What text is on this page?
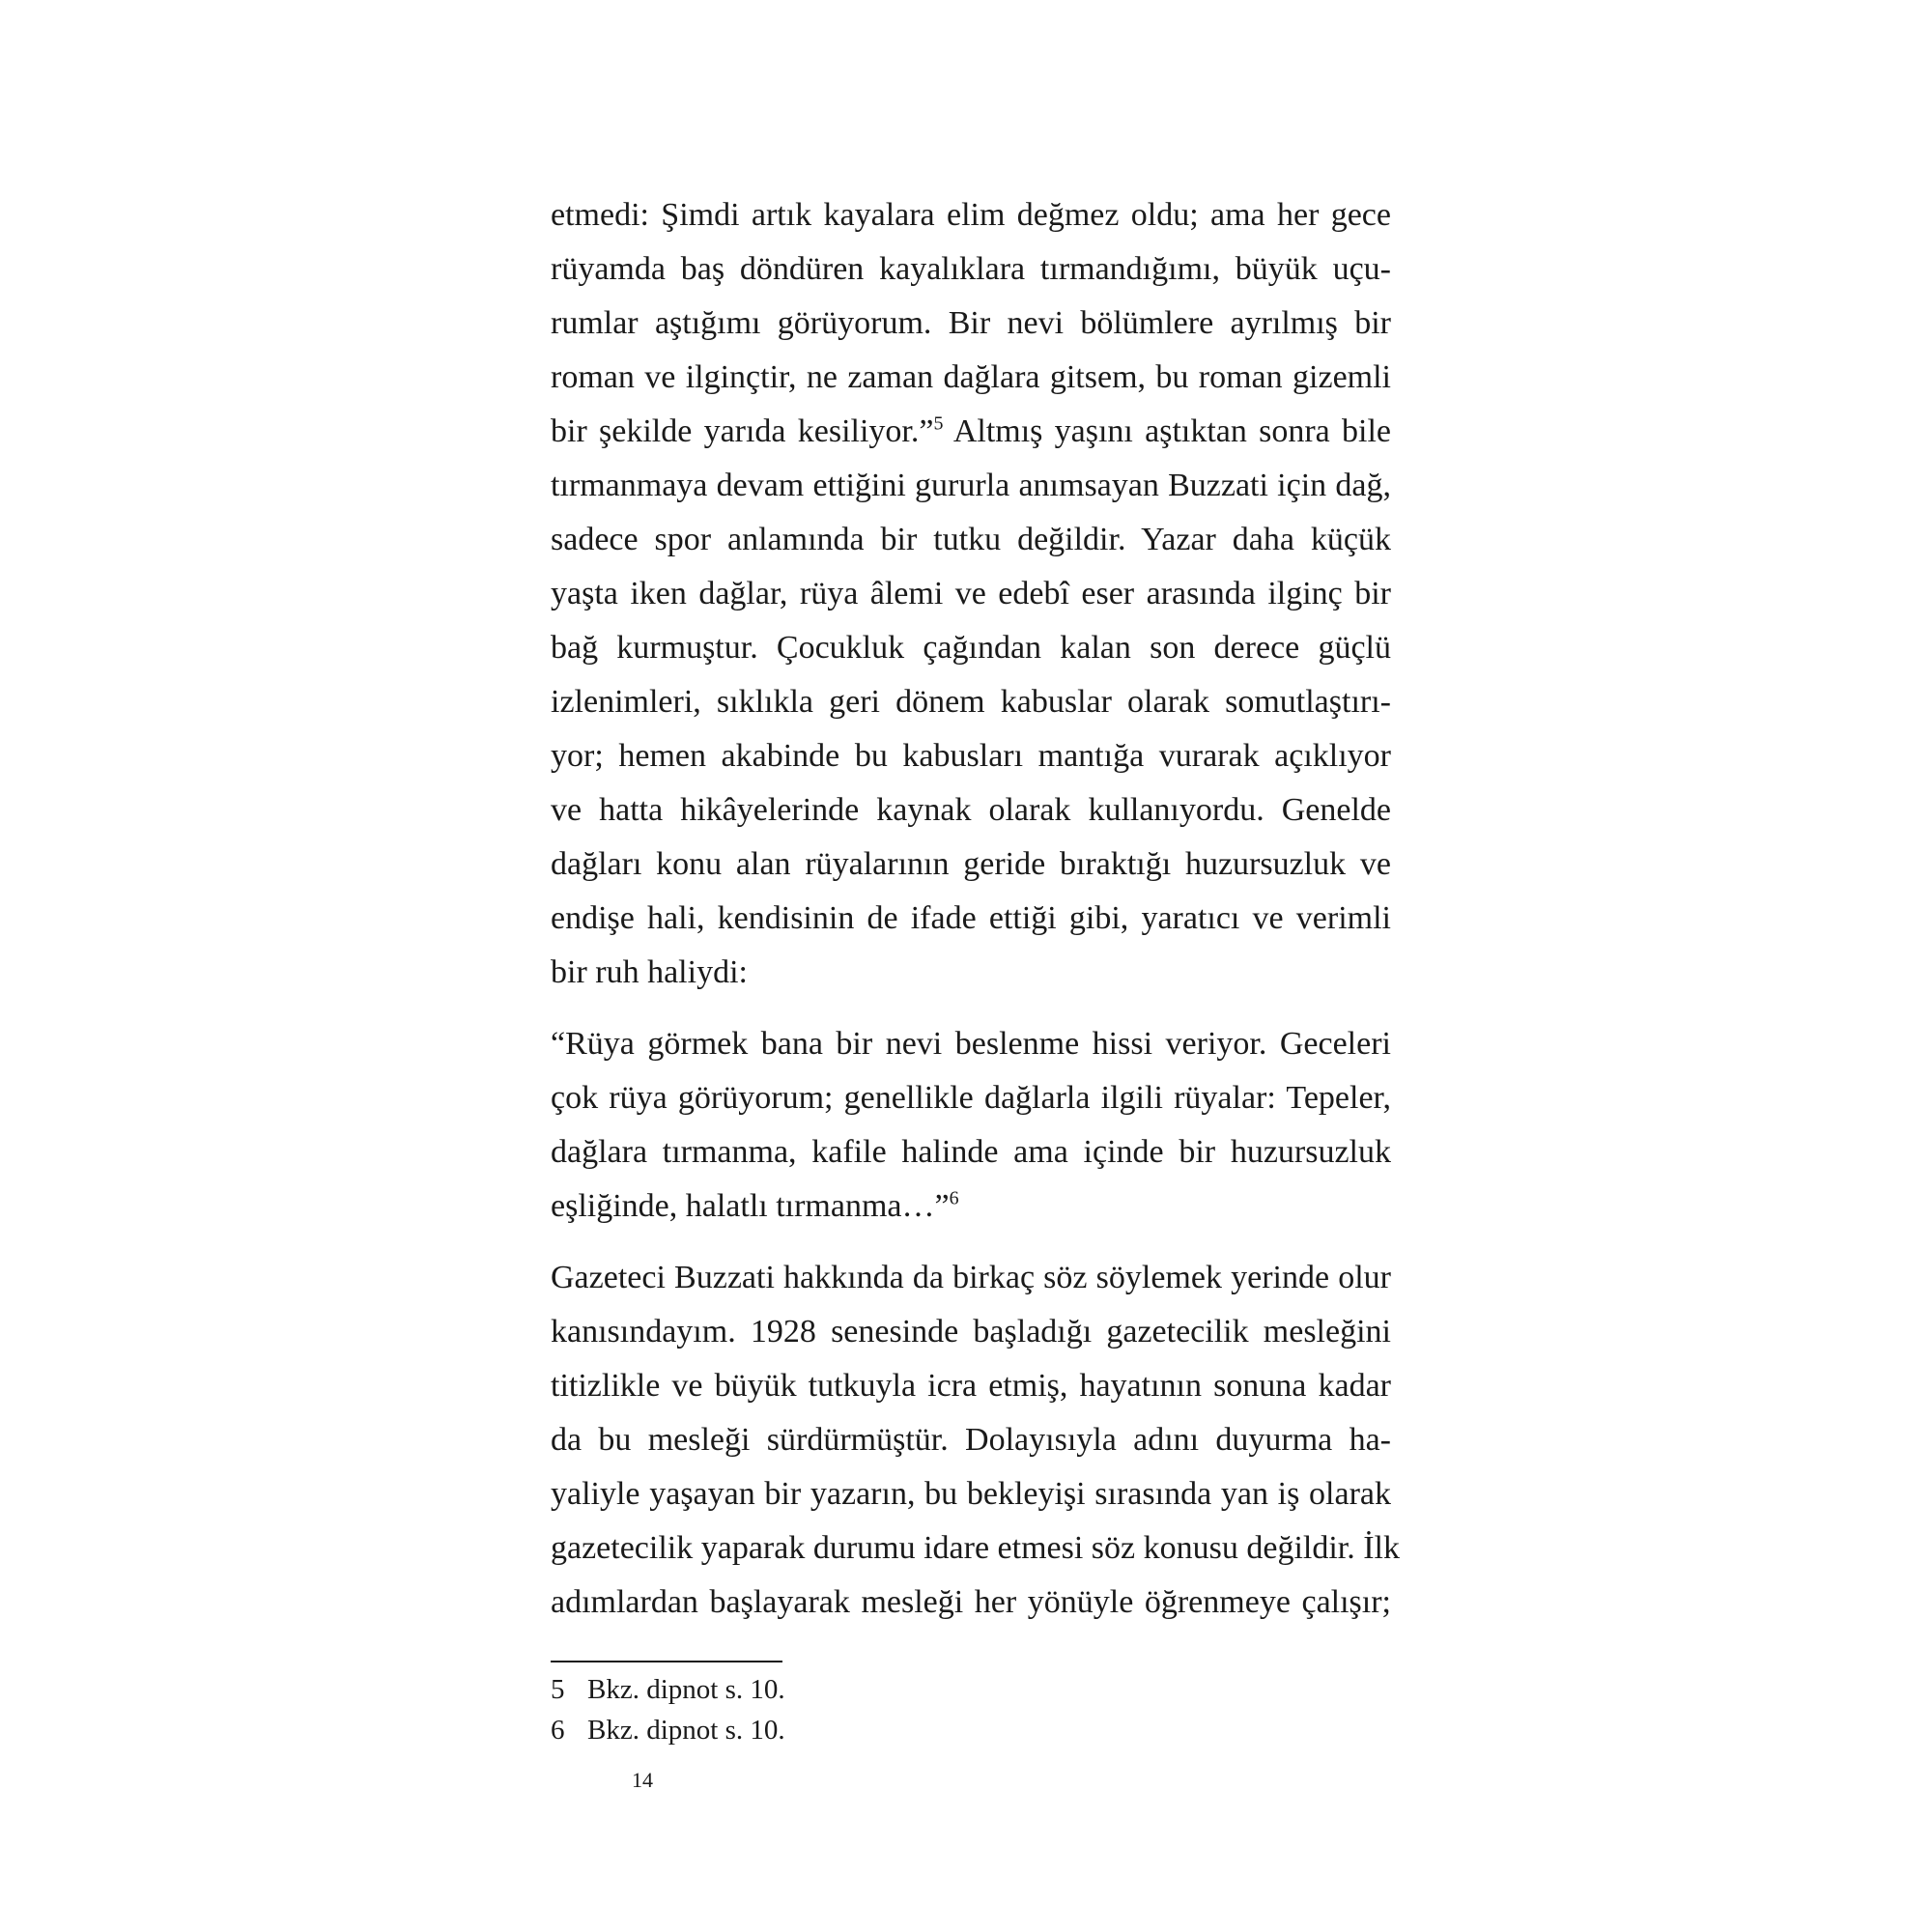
etmedi: Şimdi artık kayalara elim değmez oldu; ama her gece
rüyamda baş döndüren kayalıklara tırmandığımı, büyük uçu-
rumlar aştığımı görüyorum. Bir nevi bölümlere ayrılmış bir
roman ve ilginçtir, ne zaman dağlara gitsem, bu roman gizemli
bir şekilde yarıda kesiliyor.”$^5$ Altmış yaşını aştıktan sonra bile
tırmanmaya devam ettiğini gururla anımsayan Buzzati için dağ,
sadece spor anlamında bir tutku değildir. Yazar daha küçük
yaşta iken dağlar, rüya âlemi ve edebî eser arasında ilginç bir
bağ kurmuştur. Çocukluk çağından kalan son derece güçlü
izlenimleri, sıklıkla geri dönem kabuslar olarak somutlaştırı-
yor; hemen akabinde bu kabusları mantığa vurarak açıklıyor
ve hatta hikâyelerinde kaynak olarak kullanıyordu. Genelde
dağları konu alan rüyalarının geride bıraktığı huzursuzluk ve
endişe hali, kendisinin de ifade ettiği gibi, yaratıcı ve verimli
bir ruh haliydi:
“Rüya görmek bana bir nevi beslenme hissi veriyor. Geceleri
çok rüya görüyorum; genellikle dağlarla ilgili rüyalar: Tepeler,
dağlara tırmanma, kafile halinde ama içinde bir huzursuzluk
eşliğinde, halatlı tırmanma…”$^6$
Gazeteci Buzzati hakkında da birkaç söz söylemek yerinde olur
kanısındayım. 1928 senesinde başladığı gazetecilik mesleğini
titizlikle ve büyük tutkuyla icra etmiş, hayatının sonuna kadar
da bu mesleği sürdürmüştür. Dolayısıyla adını duyurma ha-
yaliyle yaşayan bir yazarın, bu bekleyişi sırasında yan iş olarak
gazetecilik yaparak durumu idare etmesi söz konusu değildir. İlk
adımlardan başlayarak mesleği her yönüyle öğrenmeye çalışır;
5 Bkz. dipnot s. 10.
6 Bkz. dipnot s. 10.
14
